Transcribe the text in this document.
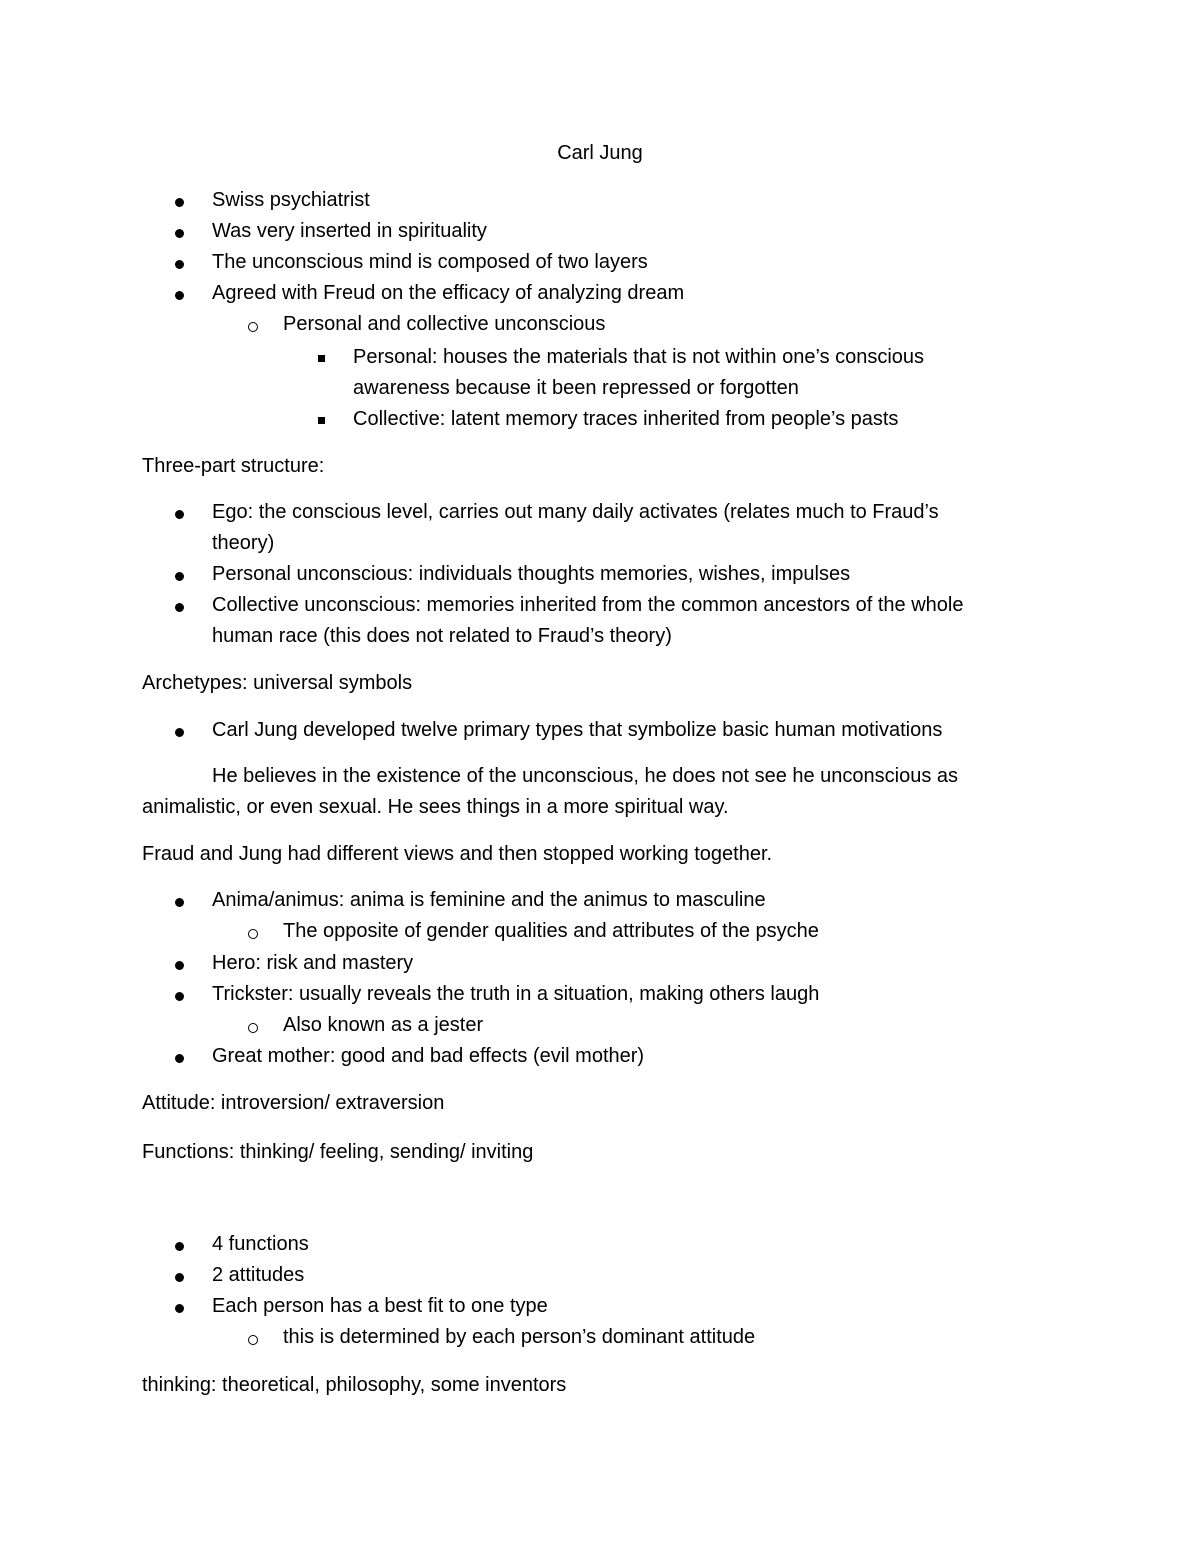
Carl Jung
Swiss psychiatrist
Was very inserted in spirituality
The unconscious mind is composed of two layers
Agreed with Freud on the efficacy of analyzing dream
Personal and collective unconscious
Personal: houses the materials that is not within one’s conscious
awareness because it been repressed or forgotten
Collective: latent memory traces inherited from people’s pasts
Three-part structure:
Ego: the conscious level, carries out many daily activates (relates much to Fraud’s
theory)
Personal unconscious: individuals thoughts memories, wishes, impulses
Collective unconscious: memories inherited from the common ancestors of the whole
human race (this does not related to Fraud’s theory)
Archetypes: universal symbols
Carl Jung developed twelve primary types that symbolize basic human motivations
He believes in the existence of the unconscious, he does not see he unconscious as
animalistic, or even sexual. He sees things in a more spiritual way.
Fraud and Jung had different views and then stopped working together.
Anima/animus: anima is feminine and the animus to masculine
The opposite of gender qualities and attributes of the psyche
Hero: risk and mastery
Trickster: usually reveals the truth in a situation, making others laugh
Also known as a jester
Great mother: good and bad effects (evil mother)
Attitude: introversion/ extraversion
Functions: thinking/ feeling, sending/ inviting
4 functions
2 attitudes
Each person has a best fit to one type
this is determined by each person’s dominant attitude
thinking: theoretical, philosophy, some inventors
